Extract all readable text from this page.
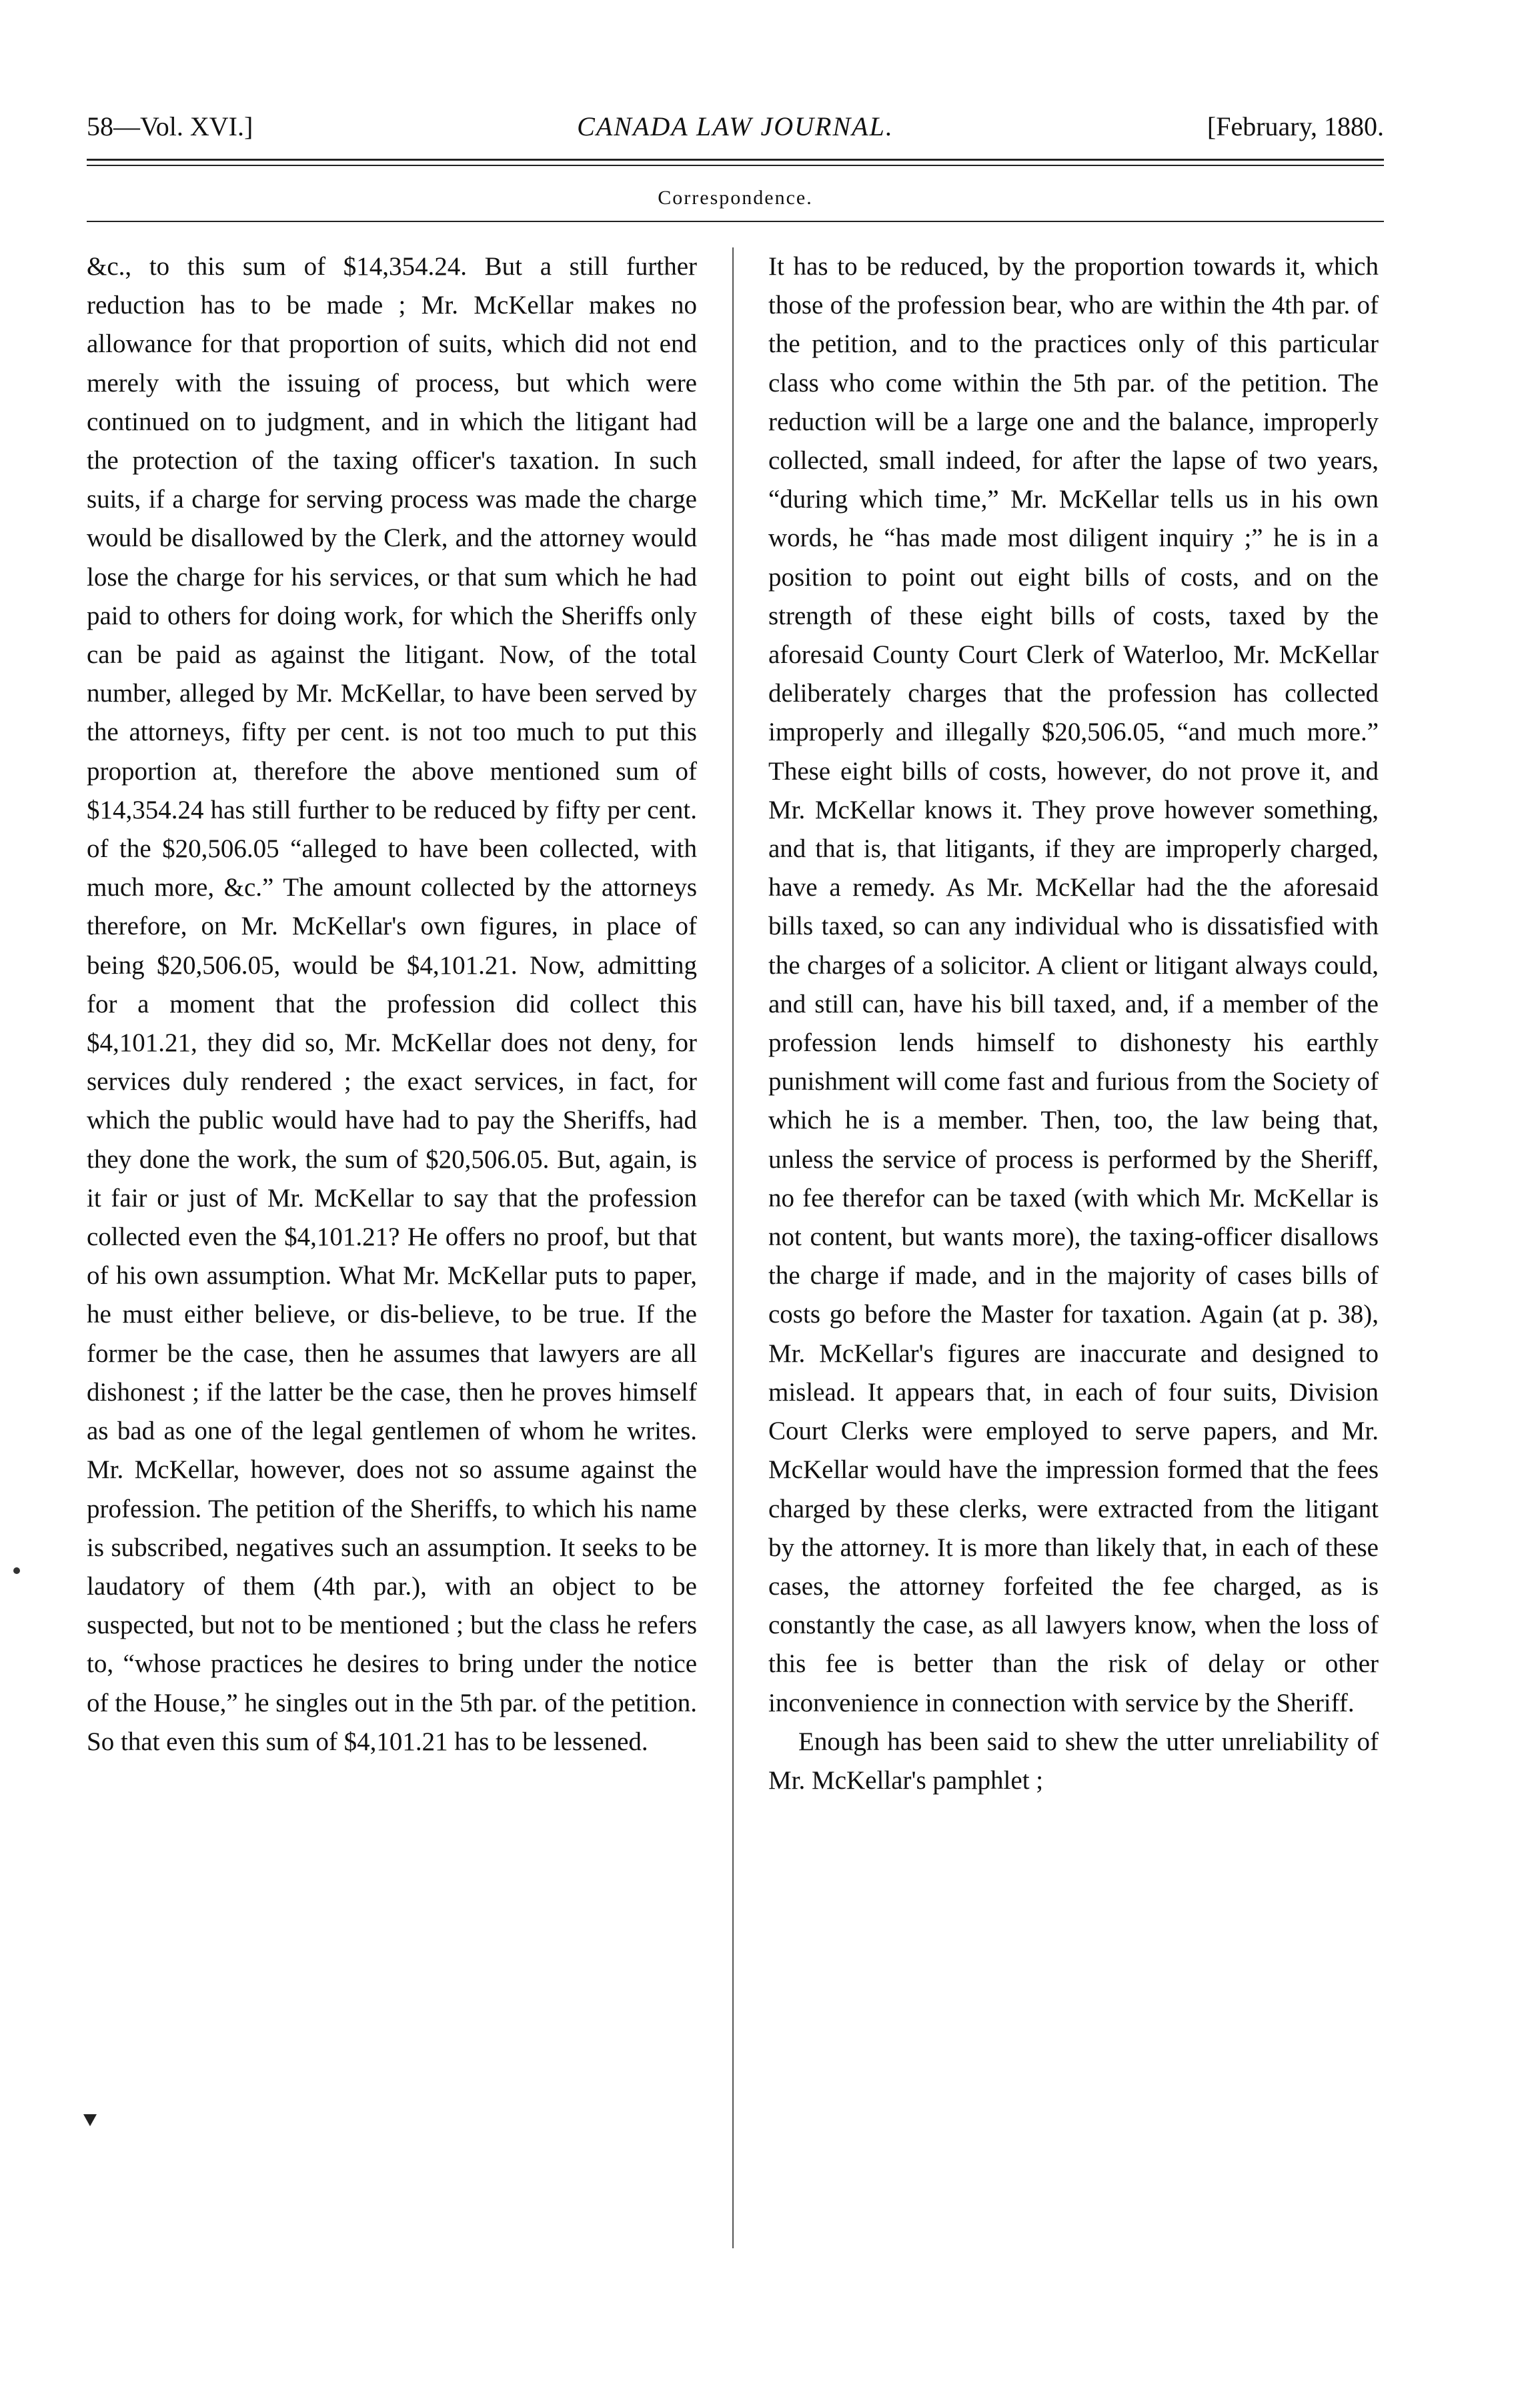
58—Vol. XVI.]	CANADA LAW JOURNAL.	[February, 1880.
Correspondence.

&c., to this sum of $14,354.24. But a still further reduction has to be made ; Mr. McKellar makes no allowance for that proportion of suits, which did not end merely with the issuing of process, but which were continued on to judgment, and in which the litigant had the protection of the taxing officer's taxation. In such suits, if a charge for serving process was made the charge would be disallowed by the Clerk, and the attorney would lose the charge for his services, or that sum which he had paid to others for doing work, for which the Sheriffs only can be paid as against the litigant. Now, of the total number, alleged by Mr. McKellar, to have been served by the attorneys, fifty per cent. is not too much to put this proportion at, therefore the above mentioned sum of $14,354.24 has still further to be reduced by fifty per cent. of the $20,506.05 “alleged to have been collected, with much more, &c.” The amount collected by the attorneys therefore, on Mr. McKellar's own figures, in place of being $20,506.05, would be $4,101.21. Now, admitting for a moment that the profession did collect this $4,101.21, they did so, Mr. McKellar does not deny, for services duly rendered ; the exact services, in fact, for which the public would have had to pay the Sheriffs, had they done the work, the sum of $20,506.05. But, again, is it fair or just of Mr. McKellar to say that the profession collected even the $4,101.21? He offers no proof, but that of his own assumption. What Mr. McKellar puts to paper, he must either believe, or dis-believe, to be true. If the former be the case, then he assumes that lawyers are all dishonest ; if the latter be the case, then he proves himself as bad as one of the legal gentlemen of whom he writes. Mr. McKellar, however, does not so assume against the profession. The petition of the Sheriffs, to which his name is subscribed, negatives such an assumption. It seeks to be laudatory of them (4th par.), with an object to be suspected, but not to be mentioned ; but the class he refers to, “whose practices he desires to bring under the notice of the House,” he singles out in the 5th par. of the petition. So that even this sum of $4,101.21 has to be lessened.

It has to be reduced, by the proportion towards it, which those of the profession bear, who are within the 4th par. of the petition, and to the practices only of this particular class who come within the 5th par. of the petition. The reduction will be a large one and the balance, improperly collected, small indeed, for after the lapse of two years, “during which time,” Mr. McKellar tells us in his own words, he “has made most diligent inquiry ;” he is in a position to point out eight bills of costs, and on the strength of these eight bills of costs, taxed by the aforesaid County Court Clerk of Waterloo, Mr. McKellar deliberately charges that the profession has collected improperly and illegally $20,506.05, “and much more.” These eight bills of costs, however, do not prove it, and Mr. McKellar knows it. They prove however something, and that is, that litigants, if they are improperly charged, have a remedy. As Mr. McKellar had the the aforesaid bills taxed, so can any individual who is dissatisfied with the charges of a solicitor. A client or litigant always could, and still can, have his bill taxed, and, if a member of the profession lends himself to dishonesty his earthly punishment will come fast and furious from the Society of which he is a member. Then, too, the law being that, unless the service of process is performed by the Sheriff, no fee therefor can be taxed (with which Mr. McKellar is not content, but wants more), the taxing-officer disallows the charge if made, and in the majority of cases bills of costs go before the Master for taxation. Again (at p. 38), Mr. McKellar's figures are inaccurate and designed to mislead. It appears that, in each of four suits, Division Court Clerks were employed to serve papers, and Mr. McKellar would have the impression formed that the fees charged by these clerks, were extracted from the litigant by the attorney. It is more than likely that, in each of these cases, the attorney forfeited the fee charged, as is constantly the case, as all lawyers know, when the loss of this fee is better than the risk of delay or other inconvenience in connection with service by the Sheriff.

Enough has been said to shew the utter unreliability of Mr. McKellar's pamphlet ;
